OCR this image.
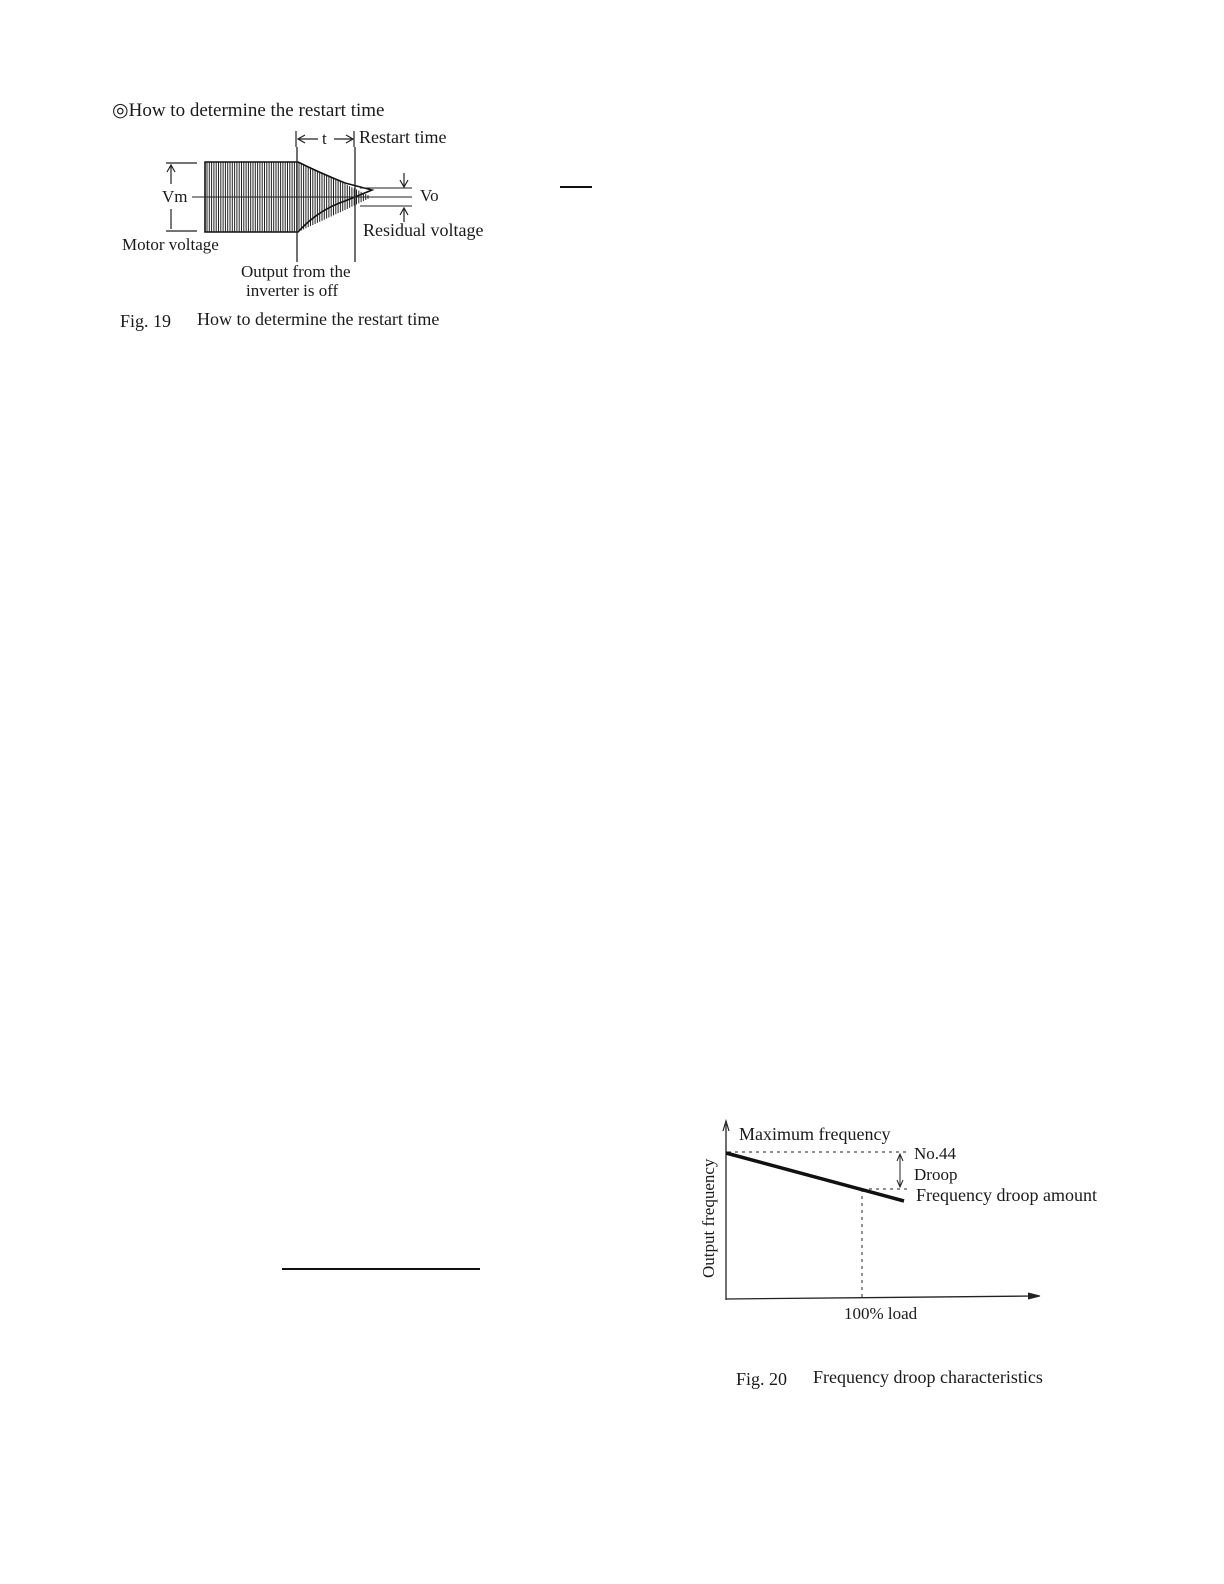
◎How to determine the restart time
t Restart time
Vm	Vo
Residual voltage
Motor voltage
Output from the
inverter is off
Fig. 19 How to determine the restart time
Maximum frequency
No.44
Droop
Frequency droop amount
Output frequency
100% load
Fig. 20 Frequency droop characteristics
